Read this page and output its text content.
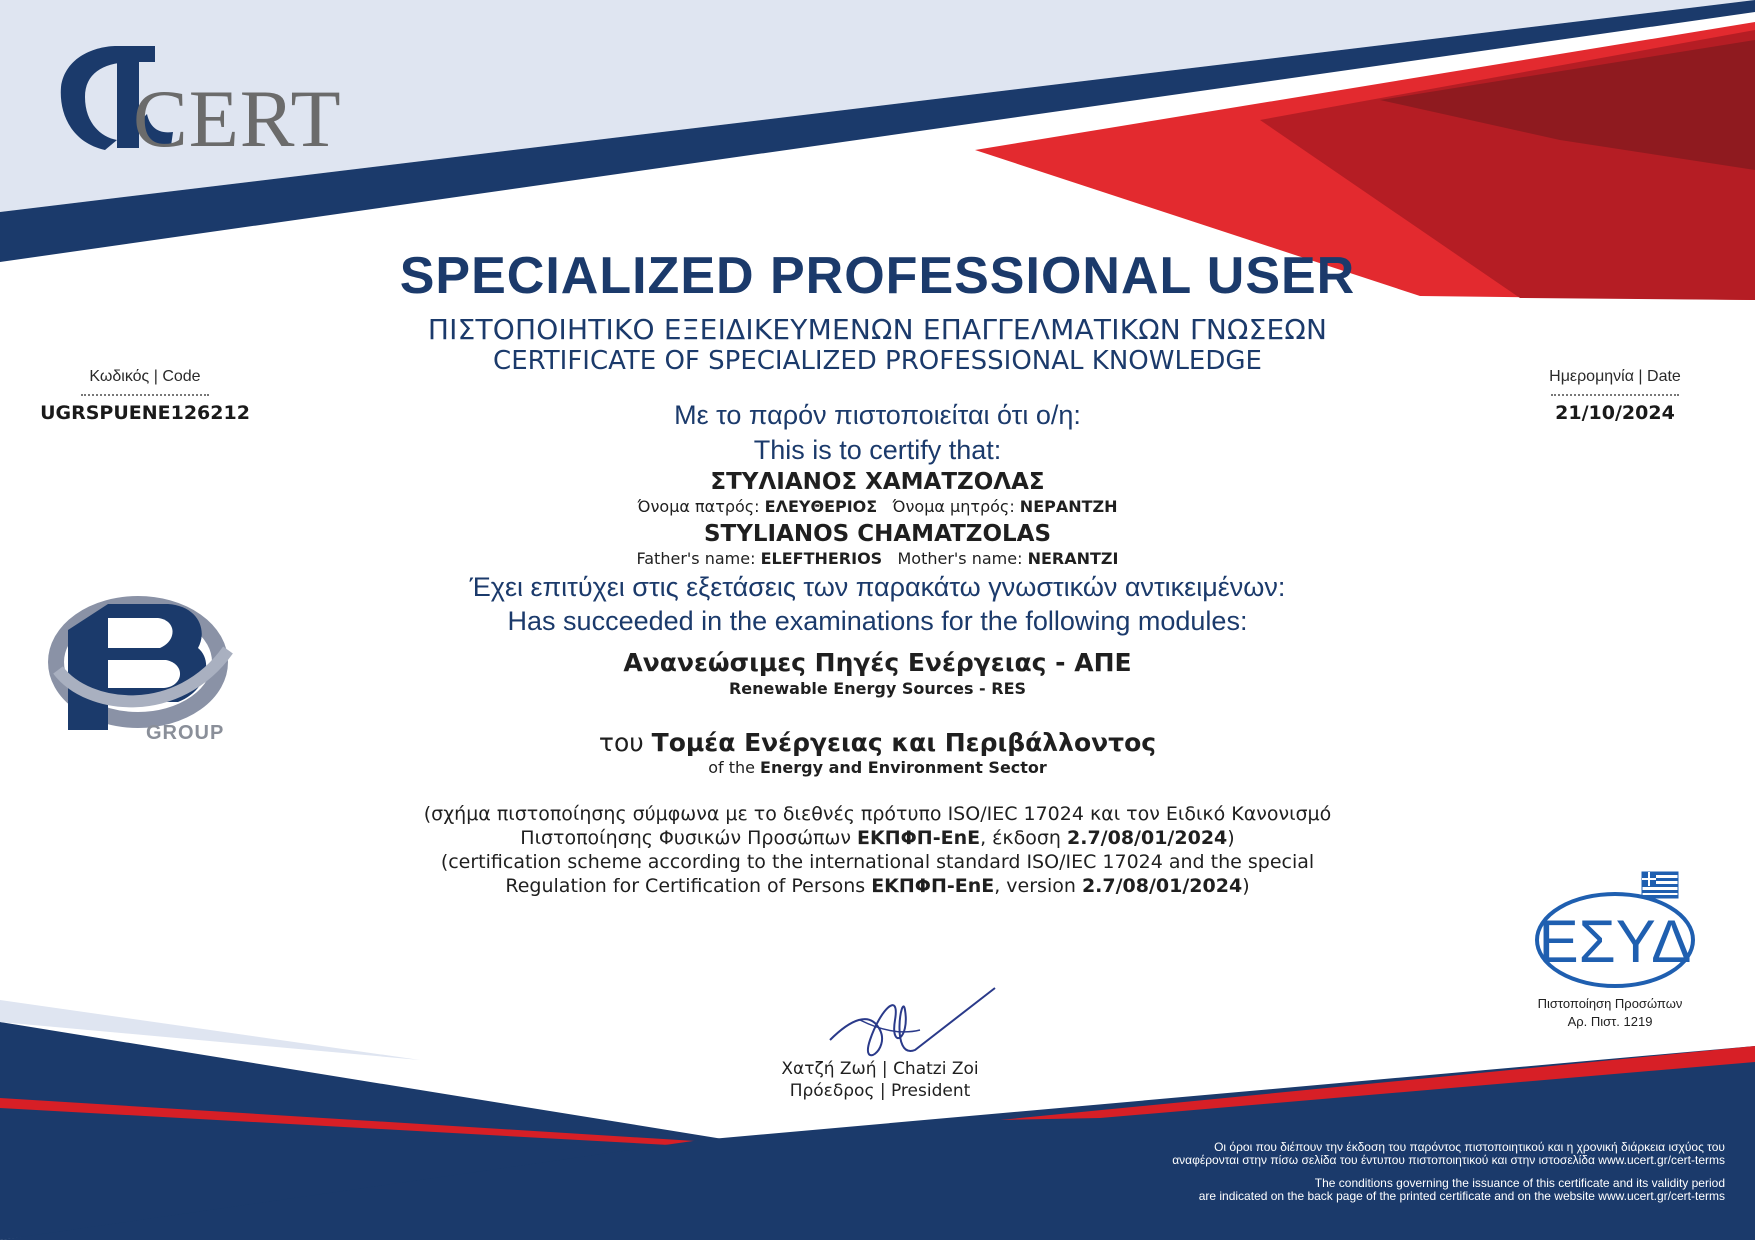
CERT
GROUP
Κωδικός | Code
UGRSPUENE126212
Ημερομηνία | Date
21/10/2024
SPECIALIZED PROFESSIONAL USER
ΠΙΣΤΟΠΟΙΗΤΙΚΟ ΕΞΕΙΔΙΚΕΥΜΕΝΩΝ ΕΠΑΓΓΕΛΜΑΤΙΚΩΝ ΓΝΩΣΕΩΝ
CERTIFICATE OF SPECIALIZED PROFESSIONAL KNOWLEDGE
Με το παρόν πιστοποιείται ότι ο/η:
This is to certify that:
ΣΤΥΛΙΑΝΟΣ ΧΑΜΑΤΖΟΛΑΣ
Όνομα πατρός: ΕΛΕΥΘΕΡΙΟΣ Όνομα μητρός: ΝΕΡΑΝΤΖΗ
STYLIANOS CHAMATZOLAS
Father's name: ELEFTHERIOS Mother's name: NERANTZI
Έχει επιτύχει στις εξετάσεις των παρακάτω γνωστικών αντικειμένων:
Has succeeded in the examinations for the following modules:
Ανανεώσιμες Πηγές Ενέργειας - ΑΠΕ
Renewable Energy Sources - RES
του Τομέα Ενέργειας και Περιβάλλοντος
of the Energy and Environment Sector
(σχήμα πιστοποίησης σύμφωνα με το διεθνές πρότυπο ISO/IEC 17024 και τον Ειδικό Κανονισμό
Πιστοποίησης Φυσικών Προσώπων ΕΚΠΦΠ-EnE, έκδοση 2.7/08/01/2024)
(certification scheme according to the international standard ISO/IEC 17024 and the special
Regulation for Certification of Persons ΕΚΠΦΠ-EnE, version 2.7/08/01/2024)
Χατζή Ζωή | Chatzi Zoi
Πρόεδρος | President
ΕΣΥΔ
Πιστοποίηση Προσώπων
Αρ. Πιστ. 1219

Οι όροι που διέπουν την έκδοση του παρόντος πιστοποιητικού και η χρονική διάρκεια ισχύος του

αναφέρονται στην πίσω σελίδα του έντυπου πιστοποιητικού και στην ιστοσελίδα www.ucert.gr/cert-terms

The conditions governing the issuance of this certificate and its validity period

are indicated on the back page of the printed certificate and on the website www.ucert.gr/cert-terms
